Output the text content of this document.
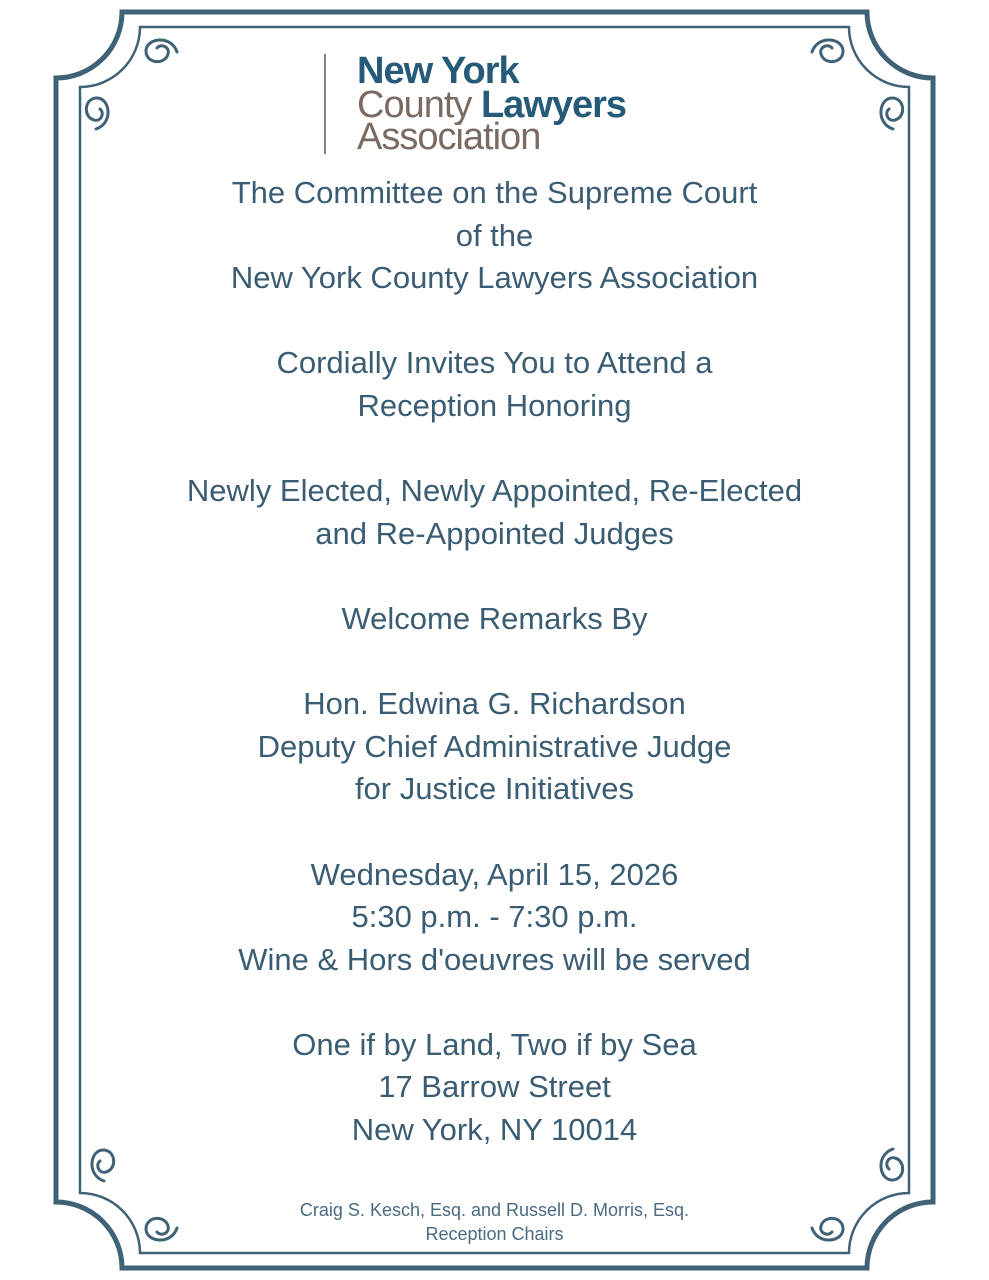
New York
County Lawyers
Association
The Committee on the Supreme Court
of the
New York County Lawyers Association
Cordially Invites You to Attend a
Reception Honoring
Newly Elected, Newly Appointed, Re-Elected
and Re-Appointed Judges
Welcome Remarks By
Hon. Edwina G. Richardson
Deputy Chief Administrative Judge
for Justice Initiatives
Wednesday, April 15, 2026
5:30 p.m. - 7:30 p.m.
Wine & Hors d'oeuvres will be served
One if by Land, Two if by Sea
17 Barrow Street
New York, NY 10014
Craig S. Kesch, Esq. and Russell D. Morris, Esq.
Reception Chairs
